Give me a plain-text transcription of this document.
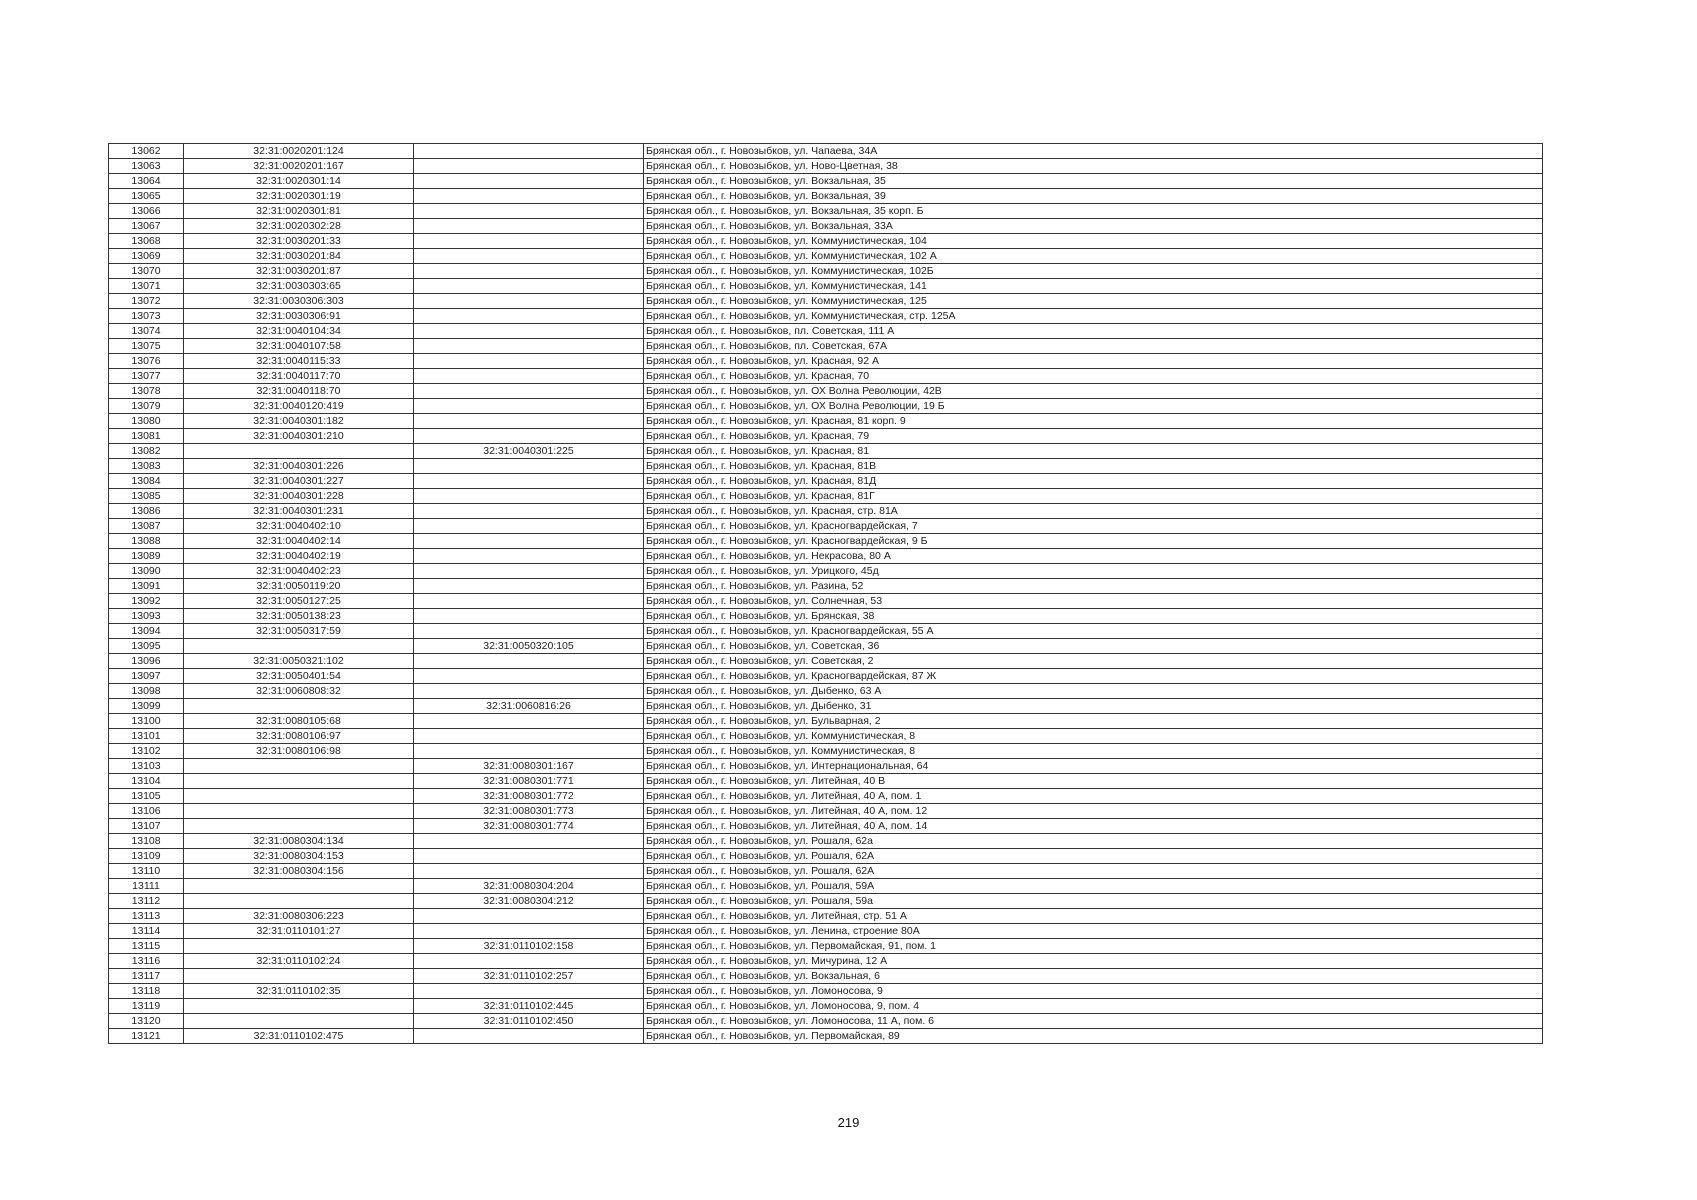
13062	32:31:0020201:124		Брянская обл., г. Новозыбков, ул. Чапаева, 34А
13063	32:31:0020201:167		Брянская обл., г. Новозыбков, ул. Ново-Цветная, 38
13064	32:31:0020301:14		Брянская обл., г. Новозыбков, ул. Вокзальная, 35
13065	32:31:0020301:19		Брянская обл., г. Новозыбков, ул. Вокзальная, 39
13066	32:31:0020301:81		Брянская обл., г. Новозыбков, ул. Вокзальная, 35 корп. Б
13067	32:31:0020302:28		Брянская обл., г. Новозыбков, ул. Вокзальная, 33А
13068	32:31:0030201:33		Брянская обл., г. Новозыбков, ул. Коммунистическая, 104
13069	32:31:0030201:84		Брянская обл., г. Новозыбков, ул. Коммунистическая, 102 А
13070	32:31:0030201:87		Брянская обл., г. Новозыбков, ул. Коммунистическая, 102Б
13071	32:31:0030303:65		Брянская обл., г. Новозыбков, ул. Коммунистическая, 141
13072	32:31:0030306:303		Брянская обл., г. Новозыбков, ул. Коммунистическая, 125
13073	32:31:0030306:91		Брянская обл., г. Новозыбков, ул. Коммунистическая, стр. 125А
13074	32:31:0040104:34		Брянская обл., г. Новозыбков, пл. Советская, 111 А
13075	32:31:0040107:58		Брянская обл., г. Новозыбков, пл. Советская, 67А
13076	32:31:0040115:33		Брянская обл., г. Новозыбков, ул. Красная, 92 А
13077	32:31:0040117:70		Брянская обл., г. Новозыбков, ул. Красная, 70
13078	32:31:0040118:70		Брянская обл., г. Новозыбков, ул. ОХ Волна Революции, 42В
13079	32:31:0040120:419		Брянская обл., г. Новозыбков, ул. ОХ Волна Революции, 19 Б
13080	32:31:0040301:182		Брянская обл., г. Новозыбков, ул. Красная, 81 корп. 9
13081	32:31:0040301:210		Брянская обл., г. Новозыбков, ул. Красная, 79
13082		32:31:0040301:225	Брянская обл., г. Новозыбков, ул. Красная, 81
13083	32:31:0040301:226		Брянская обл., г. Новозыбков, ул. Красная, 81В
13084	32:31:0040301:227		Брянская обл., г. Новозыбков, ул. Красная, 81Д
13085	32:31:0040301:228		Брянская обл., г. Новозыбков, ул. Красная, 81Г
13086	32:31:0040301:231		Брянская обл., г. Новозыбков, ул. Красная, стр. 81А
13087	32:31:0040402:10		Брянская обл., г. Новозыбков, ул. Красногвардейская, 7
13088	32:31:0040402:14		Брянская обл., г. Новозыбков, ул. Красногвардейская, 9 Б
13089	32:31:0040402:19		Брянская обл., г. Новозыбков, ул. Некрасова, 80 А
13090	32:31:0040402:23		Брянская обл., г. Новозыбков, ул. Урицкого, 45д
13091	32:31:0050119:20		Брянская обл., г. Новозыбков, ул. Разина, 52
13092	32:31:0050127:25		Брянская обл., г. Новозыбков, ул. Солнечная, 53
13093	32:31:0050138:23		Брянская обл., г. Новозыбков, ул. Брянская, 38
13094	32:31:0050317:59		Брянская обл., г. Новозыбков, ул. Красногвардейская, 55 А
13095		32:31:0050320:105	Брянская обл., г. Новозыбков, ул. Советская, 36
13096	32:31:0050321:102		Брянская обл., г. Новозыбков, ул. Советская, 2
13097	32:31:0050401:54		Брянская обл., г. Новозыбков, ул. Красногвардейская, 87 Ж
13098	32:31:0060808:32		Брянская обл., г. Новозыбков, ул. Дыбенко, 63 А
13099		32:31:0060816:26	Брянская обл., г. Новозыбков, ул. Дыбенко, 31
13100	32:31:0080105:68		Брянская обл., г. Новозыбков, ул. Бульварная, 2
13101	32:31:0080106:97		Брянская обл., г. Новозыбков, ул. Коммунистическая, 8
13102	32:31:0080106:98		Брянская обл., г. Новозыбков, ул. Коммунистическая, 8
13103		32:31:0080301:167	Брянская обл., г. Новозыбков, ул. Интернациональная, 64
13104		32:31:0080301:771	Брянская обл., г. Новозыбков, ул. Литейная, 40 В
13105		32:31:0080301:772	Брянская обл., г. Новозыбков, ул. Литейная, 40 А, пом. 1
13106		32:31:0080301:773	Брянская обл., г. Новозыбков, ул. Литейная, 40 А, пом. 12
13107		32:31:0080301:774	Брянская обл., г. Новозыбков, ул. Литейная, 40 А, пом. 14
13108	32:31:0080304:134		Брянская обл., г. Новозыбков, ул. Рошаля, 62а
13109	32:31:0080304:153		Брянская обл., г. Новозыбков, ул. Рошаля, 62А
13110	32:31:0080304:156		Брянская обл., г. Новозыбков, ул. Рошаля, 62А
13111		32:31:0080304:204	Брянская обл., г. Новозыбков, ул. Рошаля, 59А
13112		32:31:0080304:212	Брянская обл., г. Новозыбков, ул. Рошаля, 59а
13113	32:31:0080306:223		Брянская обл., г. Новозыбков, ул. Литейная, стр. 51 А
13114	32:31:0110101:27		Брянская обл., г. Новозыбков, ул. Ленина, строение 80А
13115		32:31:0110102:158	Брянская обл., г. Новозыбков, ул. Первомайская, 91, пом. 1
13116	32:31:0110102:24		Брянская обл., г. Новозыбков, ул. Мичурина, 12 А
13117		32:31:0110102:257	Брянская обл., г. Новозыбков, ул. Вокзальная, 6
13118	32:31:0110102:35		Брянская обл., г. Новозыбков, ул. Ломоносова, 9
13119		32:31:0110102:445	Брянская обл., г. Новозыбков, ул. Ломоносова, 9, пом. 4
13120		32:31:0110102:450	Брянская обл., г. Новозыбков, ул. Ломоносова, 11 А, пом. 6
13121	32:31:0110102:475		Брянская обл., г. Новозыбков, ул. Первомайская, 89
219
